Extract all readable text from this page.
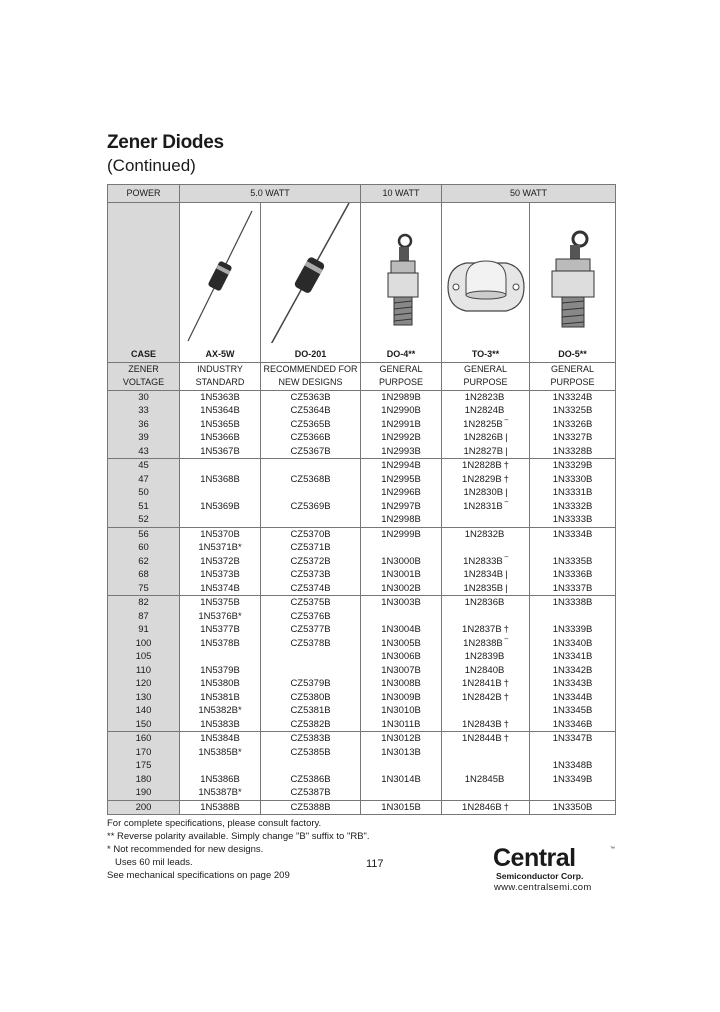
Zener Diodes
(Continued)
POWER	5.0 WATT		10 WATT	50 WATT	

CASE	AX-5W	DO-201	DO-4**	TO-3**	DO-5**
ZENER	INDUSTRY	RECOMMENDED FOR	GENERAL	GENERAL	GENERAL
VOLTAGE	STANDARD	NEW DESIGNS	PURPOSE	PURPOSE	PURPOSE
30	1N5363B	CZ5363B	1N2989B	1N2823B	1N3324B
33	1N5364B	CZ5364B	1N2990B	1N2824B	1N3325B
36	1N5365B	CZ5365B	1N2991B	1N2825B ‾	1N3326B
39	1N5366B	CZ5366B	1N2992B	1N2826B |	1N3327B
43	1N5367B	CZ5367B	1N2993B	1N2827B |	1N3328B
45			1N2994B	1N2828B †	1N3329B
47	1N5368B	CZ5368B	1N2995B	1N2829B †	1N3330B
50			1N2996B	1N2830B |	1N3331B
51	1N5369B	CZ5369B	1N2997B	1N2831B ‾	1N3332B
52			1N2998B		1N3333B
56	1N5370B	CZ5370B	1N2999B	1N2832B	1N3334B
60	1N5371B*	CZ5371B			
62	1N5372B	CZ5372B	1N3000B	1N2833B ‾	1N3335B
68	1N5373B	CZ5373B	1N3001B	1N2834B |	1N3336B
75	1N5374B	CZ5374B	1N3002B	1N2835B |	1N3337B
82	1N5375B	CZ5375B	1N3003B	1N2836B	1N3338B
87	1N5376B*	CZ5376B			
91	1N5377B	CZ5377B	1N3004B	1N2837B †	1N3339B
100	1N5378B	CZ5378B	1N3005B	1N2838B ‾	1N3340B
105			1N3006B	1N2839B	1N3341B
110	1N5379B		1N3007B	1N2840B	1N3342B
120	1N5380B	CZ5379B	1N3008B	1N2841B †	1N3343B
130	1N5381B	CZ5380B	1N3009B	1N2842B †	1N3344B
140	1N5382B*	CZ5381B	1N3010B		1N3345B
150	1N5383B	CZ5382B	1N3011B	1N2843B †	1N3346B
160	1N5384B	CZ5383B	1N3012B	1N2844B †	1N3347B
170	1N5385B*	CZ5385B	1N3013B		
175					1N3348B
180	1N5386B	CZ5386B	1N3014B	1N2845B	1N3349B
190	1N5387B*	CZ5387B			
200	1N5388B	CZ5388B	1N3015B	1N2846B †	1N3350B
For complete specifications, please consult factory.
** Reverse polarity available. Simply change "B" suffix to "RB".
* Not recommended for new designs.
Uses 60 mil leads.
See mechanical specifications on page 209
117	Central	™
Semiconductor Corp.
www.centralsemi.com
